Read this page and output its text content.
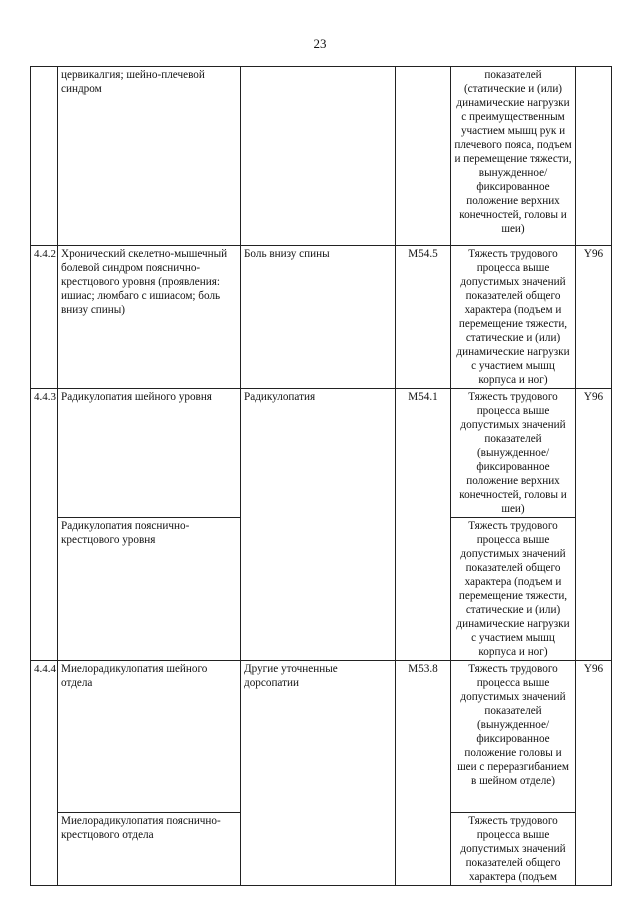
23
	цервикалгия; шейно-плечевой синдром			показателей (статические и (или) динамические нагрузки с преимущественным участием мышц рук и плечевого пояса, подъем и перемещение тяжести, вынужденное/фиксированное положение верхних конечностей, головы и шеи)	
4.4.2	Хронический скелетно-мышечный болевой синдром пояснично-крестцового уровня (проявления: ишиас; люмбаго с ишиасом; боль внизу спины)	Боль внизу спины	M54.5	Тяжесть трудового процесса выше допустимых значений показателей общего характера (подъем и перемещение тяжести, статические и (или) динамические нагрузки с участием мышц корпуса и ног)	Y96
4.4.3	Радикулопатия шейного уровня	Радикулопатия	M54.1	Тяжесть трудового процесса выше допустимых значений показателей (вынужденное/фиксированное положение верхних конечностей, головы и шеи)	Y96
	Радикулопатия пояснично-крестцового уровня			Тяжесть трудового процесса выше допустимых значений показателей общего характера (подъем и перемещение тяжести, статические и (или) динамические нагрузки с участием мышц корпуса и ног)	
4.4.4	Миелорадикулопатия шейного отдела	Другие уточненные дорсопатии	M53.8	Тяжесть трудового процесса выше допустимых значений показателей (вынужденное/ фиксированное положение головы и шеи с переразгибанием в шейном отделе)	Y96
	Миелорадикулопатия пояснично-крестцового отдела			Тяжесть трудового процесса выше допустимых значений показателей общего характера (подъем	
